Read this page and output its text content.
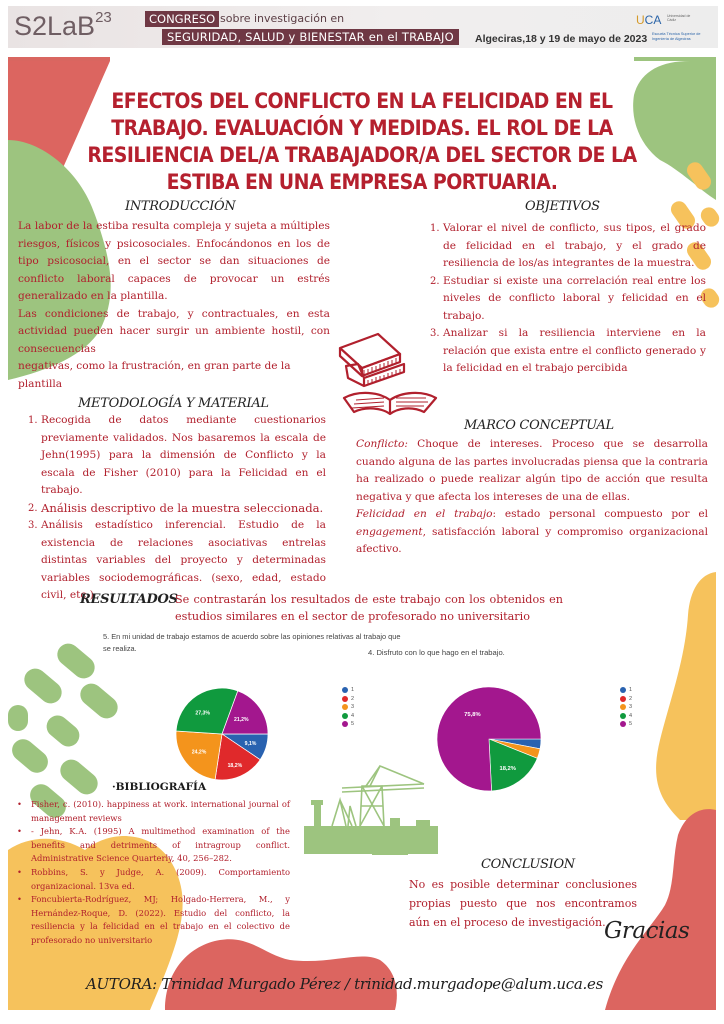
S2LaB$^{23}$	CONGRESO sobre investigación en
SEGURIDAD, SALUD y BIENESTAR en el TRABAJO	Algeciras,18 y 19 de mayo de 2023
UCA Universidad de Cádiz
Escuela Técnica Superior de Ingeniería de Algeciras
EFECTOS DEL CONFLICTO EN LA FELICIDAD EN EL TRABAJO. EVALUACIÓN Y MEDIDAS. EL ROL DE LA RESILIENCIA DEL/A TRABAJADOR/A DEL SECTOR DE LA ESTIBA EN UNA EMPRESA PORTUARIA.
INTRODUCCIÓN

La labor de la estiba resulta compleja y sujeta a múltiples riesgos, físicos y psicosociales. Enfocándonos en los de tipo psicosocial, en el sector se dan situaciones de conflicto laboral capaces de provocar un estrés generalizado en la plantilla.

Las condiciones de trabajo, y contractuales, en esta actividad pueden hacer surgir un ambiente hostil, con consecuencias

negativas, como la frustración, en gran parte de la plantilla

OBJETIVOS
1. Valorar el nivel de conflicto, sus tipos, el grado de felicidad en el trabajo, y el grado de resiliencia de los/as integrantes de la muestra.
2. Estudiar si existe una correlación real entre los niveles de conflicto laboral y felicidad en el trabajo.
3. Analizar si la resiliencia interviene en la relación que exista entre el conflicto generado y la felicidad en el trabajo percibida
METODOLOGÍA Y MATERIAL
1. Recogida de datos mediante cuestionarios previamente validados. Nos basaremos la escala de Jehn(1995) para la dimensión de Conflicto y la escala de Fisher (2010) para la Felicidad en el trabajo.
2. Análisis descriptivo de la muestra seleccionada.
3. Análisis estadístico inferencial. Estudio de la existencia de relaciones asociativas entrelas distintas variables del proyecto y determinadas variables sociodemográficas. (sexo, edad, estado civil, etc.)
MARCO CONCEPTUAL

Conflicto: Choque de intereses. Proceso que se desarrolla cuando alguna de las partes involucradas piensa que la contraria ha realizado o puede realizar algún tipo de acción que resulta negativa y que afecta los intereses de una de ellas.

Felicidad en el trabajo: estado personal compuesto por el engagement, satisfacción laboral y compromiso organizacional afectivo.

RESULTADOS
Se contrastarán los resultados de este trabajo con los obtenidos en estudios similares en el sector de profesorado no universitario
5. En mi unidad de trabajo estamos de acuerdo sobre las opiniones relativas al trabajo que se realiza.	4. Disfruto con lo que hago en el trabajo.
9,1%
18,2%
24,2%
27,3%
21,2%
1
2
3
4
5
75,8%
18,2%
1
2
3
4
5
·BIBLIOGRAFÍA
• Fisher, c. (2010). happiness at work. international journal of management reviews
• - Jehn, K.A. (1995) A multimethod examination of the benefits and detriments of intragroup conflict. Administrative Science Quarterly, 40, 256–282.
• Robbins, S. y Judge, A. (2009). Comportamiento organizacional. 13va ed.
• Foncubierta-Rodríguez, MJ; Holgado-Herrera, M., y Hernández-Roque, D. (2022). Estudio del conflicto, la resiliencia y la felicidad en el trabajo en el colectivo de profesorado no universitario
CONCLUSION
No es posible determinar conclusiones propias puesto que nos encontramos aún en el proceso de investigación.
Gracias
AUTORA: Trinidad Murgado Pérez / trinidad.murgadope@alum.uca.es
